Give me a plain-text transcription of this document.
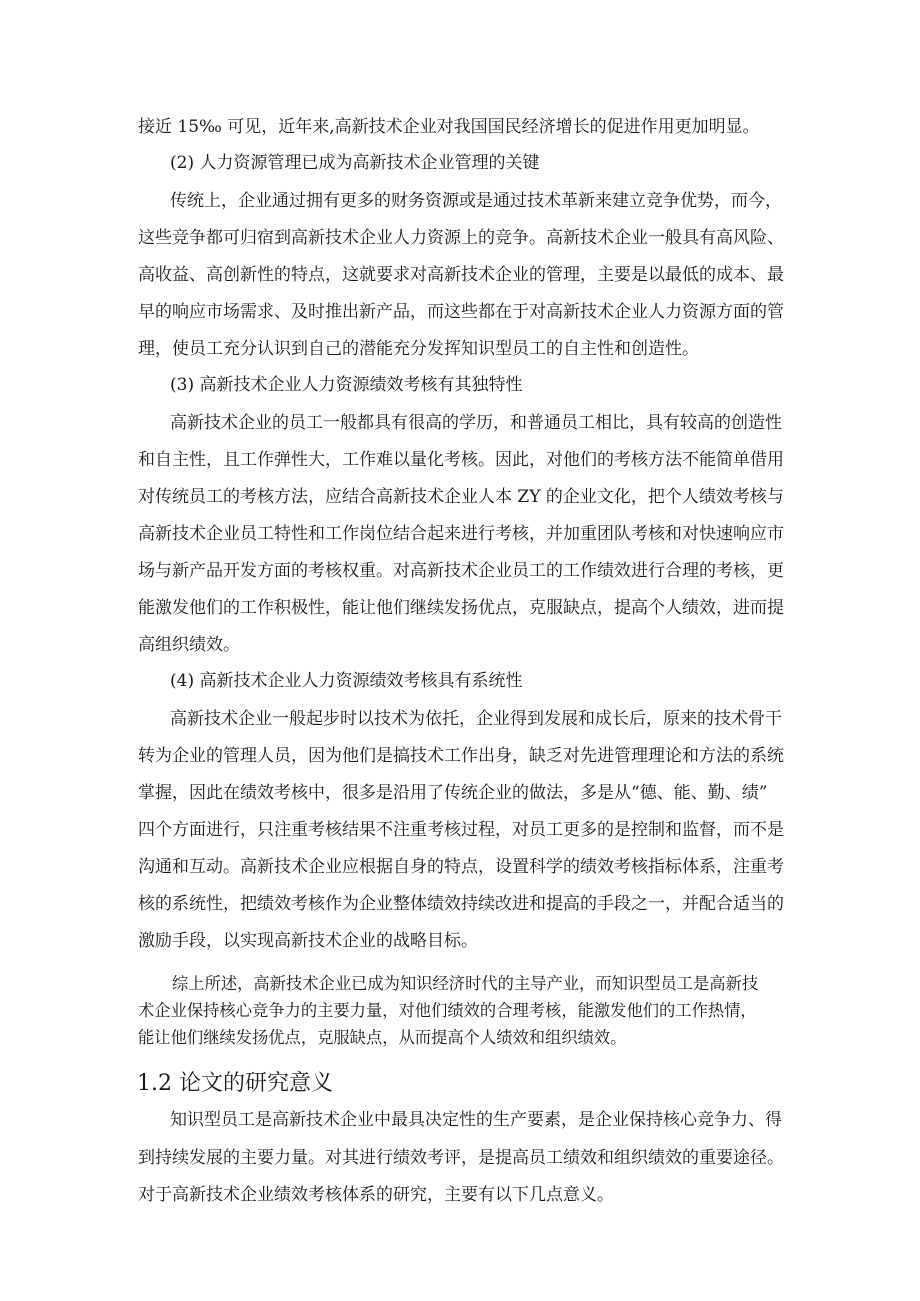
接近 15‰ 可见，近年来,高新技术企业对我国国民经济增长的促进作用更加明显。
(2) 人力资源管理已成为高新技术企业管理的关键
传统上，企业通过拥有更多的财务资源或是通过技术革新来建立竞争优势，而今，
这些竞争都可归宿到高新技术企业人力资源上的竞争。高新技术企业一般具有高风险、
高收益、高创新性的特点，这就要求对高新技术企业的管理，主要是以最低的成本、最
早的响应市场需求、及时推出新产品，而这些都在于对高新技术企业人力资源方面的管
理，使员工充分认识到自己的潜能充分发挥知识型员工的自主性和创造性。
(3) 高新技术企业人力资源绩效考核有其独特性
高新技术企业的员工一般都具有很高的学历，和普通员工相比，具有较高的创造性
和自主性，且工作弹性大，工作难以量化考核。因此，对他们的考核方法不能简单借用
对传统员工的考核方法，应结合高新技术企业人本 ZY 的企业文化，把个人绩效考核与
高新技术企业员工特性和工作岗位结合起来进行考核，并加重团队考核和对快速响应市
场与新产品开发方面的考核权重。对高新技术企业员工的工作绩效进行合理的考核，更
能激发他们的工作积极性，能让他们继续发扬优点，克服缺点，提高个人绩效，进而提
高组织绩效。
(4) 高新技术企业人力资源绩效考核具有系统性
高新技术企业一般起步时以技术为依托，企业得到发展和成长后，原来的技术骨干
转为企业的管理人员，因为他们是搞技术工作出身，缺乏对先进管理理论和方法的系统
掌握，因此在绩效考核中，很多是沿用了传统企业的做法，多是从“德、能、勤、绩”
四个方面进行，只注重考核结果不注重考核过程，对员工更多的是控制和监督，而不是
沟通和互动。高新技术企业应根据自身的特点，设置科学的绩效考核指标体系，注重考
核的系统性，把绩效考核作为企业整体绩效持续改进和提高的手段之一，并配合适当的
激励手段，以实现高新技术企业的战略目标。
综上所述，高新技术企业已成为知识经济时代的主导产业，而知识型员工是高新技
术企业保持核心竞争力的主要力量，对他们绩效的合理考核，能激发他们的工作热情，
能让他们继续发扬优点，克服缺点，从而提高个人绩效和组织绩效。
1.2 论文的研究意义
知识型员工是高新技术企业中最具决定性的生产要素，是企业保持核心竞争力、得
到持续发展的主要力量。对其进行绩效考评，是提高员工绩效和组织绩效的重要途径。
对于高新技术企业绩效考核体系的研究，主要有以下几点意义。
